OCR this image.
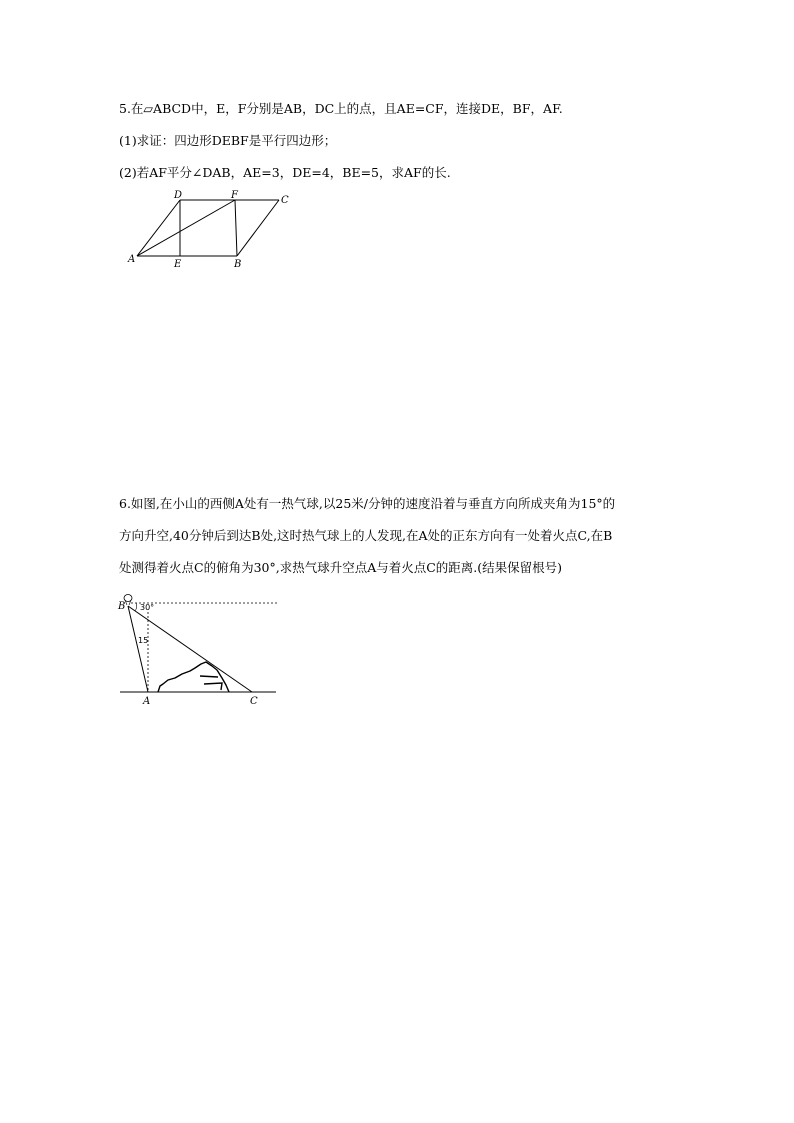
5.在▱ABCD中，E，F分别是AB，DC上的点，且AE=CF，连接DE，BF，AF.
(1)求证：四边形DEBF是平行四边形；
(2)若AF平分∠DAB，AE=3，DE=4，BE=5，求AF的长.
A	E	B
D	F	C
30°
15
B
A	C
6.如图,在小山的西侧A处有一热气球,以25米/分钟的速度沿着与垂直方向所成夹角为15°的
方向升空,40分钟后到达B处,这时热气球上的人发现,在A处的正东方向有一处着火点C,在B
处测得着火点C的俯角为30°,求热气球升空点A与着火点C的距离.(结果保留根号)
